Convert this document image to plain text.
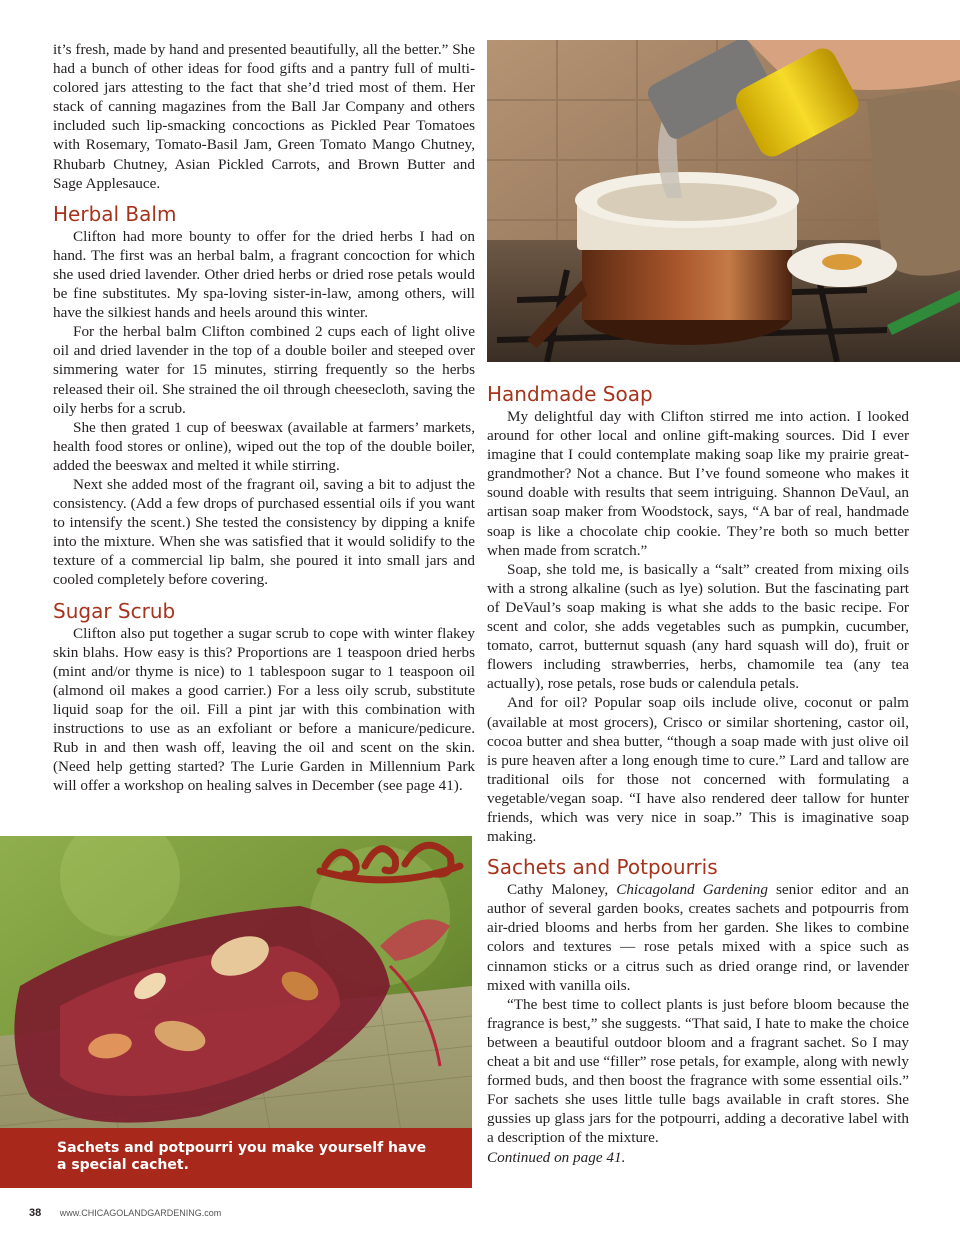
it’s fresh, made by hand and presented beautifully, all the better.” She had a bunch of other ideas for food gifts and a pantry full of multi-colored jars attesting to the fact that she’d tried most of them. Her stack of canning magazines from the Ball Jar Company and others included such lip-smacking concoctions as Pickled Pear Tomatoes with Rosemary, Tomato-Basil Jam, Green Tomato Mango Chutney, Rhubarb Chutney, Asian Pickled Carrots, and Brown Butter and Sage Applesauce.

Herbal Balm

Clifton had more bounty to offer for the dried herbs I had on hand. The first was an herbal balm, a fragrant concoction for which she used dried lavender. Other dried herbs or dried rose petals would be fine substitutes. My spa-loving sister-in-law, among others, will have the silkiest hands and heels around this winter.

For the herbal balm Clifton combined 2 cups each of light olive oil and dried lavender in the top of a double boiler and steeped over simmering water for 15 minutes, stirring frequently so the herbs released their oil. She strained the oil through cheesecloth, saving the oily herbs for a scrub.

She then grated 1 cup of beeswax (available at farmers’ markets, health food stores or online), wiped out the top of the double boiler, added the beeswax and melted it while stirring.

Next she added most of the fragrant oil, saving a bit to adjust the consistency. (Add a few drops of purchased essential oils if you want to intensify the scent.) She tested the consistency by dipping a knife into the mixture. When she was satisfied that it would solidify to the texture of a commercial lip balm, she poured it into small jars and cooled completely before covering.

Sugar Scrub

Clifton also put together a sugar scrub to cope with winter flakey skin blahs. How easy is this? Proportions are 1 teaspoon dried herbs (mint and/or thyme is nice) to 1 tablespoon sugar to 1 teaspoon oil (almond oil makes a good carrier.) For a less oily scrub, substitute liquid soap for the oil. Fill a pint jar with this combination with instructions to use as an exfoliant or before a manicure/pedicure. Rub in and then wash off, leaving the oil and scent on the skin. (Need help getting started? The Lurie Garden in Millennium Park will offer a workshop on healing salves in December (see page 41).

Handmade Soap

My delightful day with Clifton stirred me into action. I looked around for other local and online gift-making sources. Did I ever imagine that I could contemplate making soap like my prairie great-grandmother? Not a chance. But I’ve found someone who makes it sound doable with results that seem intriguing. Shannon DeVaul, an artisan soap maker from Woodstock, says, “A bar of real, handmade soap is like a chocolate chip cookie. They’re both so much better when made from scratch.”

Soap, she told me, is basically a “salt” created from mixing oils with a strong alkaline (such as lye) solution. But the fascinating part of DeVaul’s soap making is what she adds to the basic recipe. For scent and color, she adds vegetables such as pumpkin, cucumber, tomato, carrot, butternut squash (any hard squash will do), fruit or flowers including strawberries, herbs, chamomile tea (any tea actually), rose petals, rose buds or calendula petals.

And for oil? Popular soap oils include olive, coconut or palm (available at most grocers), Crisco or similar shortening, castor oil, cocoa butter and shea butter, “though a soap made with just olive oil is pure heaven after a long enough time to cure.” Lard and tallow are traditional oils for those not concerned with formulating a vegetable/vegan soap. “I have also rendered deer tallow for hunter friends, which was very nice in soap.” This is imaginative soap making.

Sachets and Potpourris

Cathy Maloney, Chicagoland Gardening senior editor and an author of several garden books, creates sachets and potpourris from air-dried blooms and herbs from her garden. She likes to combine colors and textures — rose petals mixed with a spice such as cinnamon sticks or a citrus such as dried orange rind, or lavender mixed with vanilla oils.

“The best time to collect plants is just before bloom because the fragrance is best,” she suggests. “That said, I hate to make the choice between a beautiful outdoor bloom and a fragrant sachet. So I may cheat a bit and use “filler” rose petals, for example, along with newly formed buds, and then boost the fragrance with some essential oils.” For sachets she uses little tulle bags available in craft stores. She gussies up glass jars for the potpourri, adding a decorative label with a description of the mixture.

Continued on page 41.

Sachets and potpourri you make yourself have a special cachet.
38 www.CHICAGOLANDGARDENING.com
